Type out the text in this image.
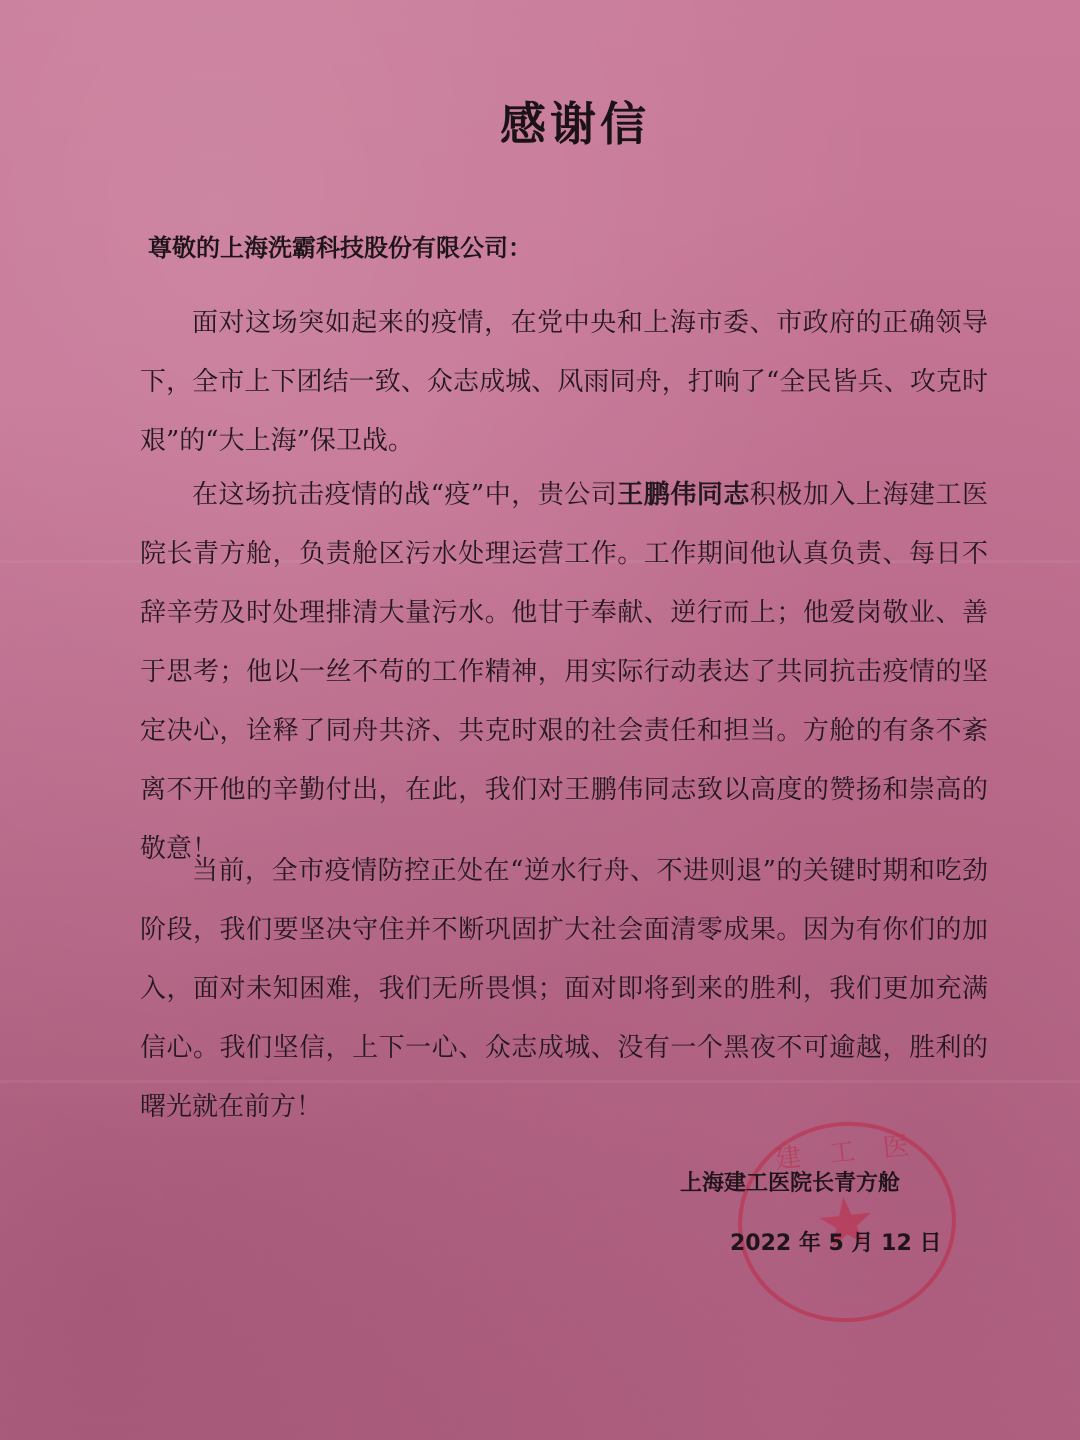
感谢信
尊敬的上海洗霸科技股份有限公司：
面对这场突如起来的疫情，在党中央和上海市委、市政府的正确领导下，全市上下团结一致、众志成城、风雨同舟，打响了“全民皆兵、攻克时艰”的“大上海”保卫战。
在这场抗击疫情的战“疫”中，贵公司王鹏伟同志积极加入上海建工医院长青方舱，负责舱区污水处理运营工作。工作期间他认真负责、每日不辞辛劳及时处理排清大量污水。他甘于奉献、逆行而上；他爱岗敬业、善于思考；他以一丝不苟的工作精神，用实际行动表达了共同抗击疫情的坚定决心，诠释了同舟共济、共克时艰的社会责任和担当。方舱的有条不紊离不开他的辛勤付出，在此，我们对王鹏伟同志致以高度的赞扬和崇高的敬意！
当前，全市疫情防控正处在“逆水行舟、不进则退”的关键时期和吃劲阶段，我们要坚决守住并不断巩固扩大社会面清零成果。因为有你们的加入，面对未知困难，我们无所畏惧；面对即将到来的胜利，我们更加充满信心。我们坚信，上下一心、众志成城、没有一个黑夜不可逾越，胜利的曙光就在前方！
建 工 医
上海建工医院长青方舱
2022 年 5 月 12 日
